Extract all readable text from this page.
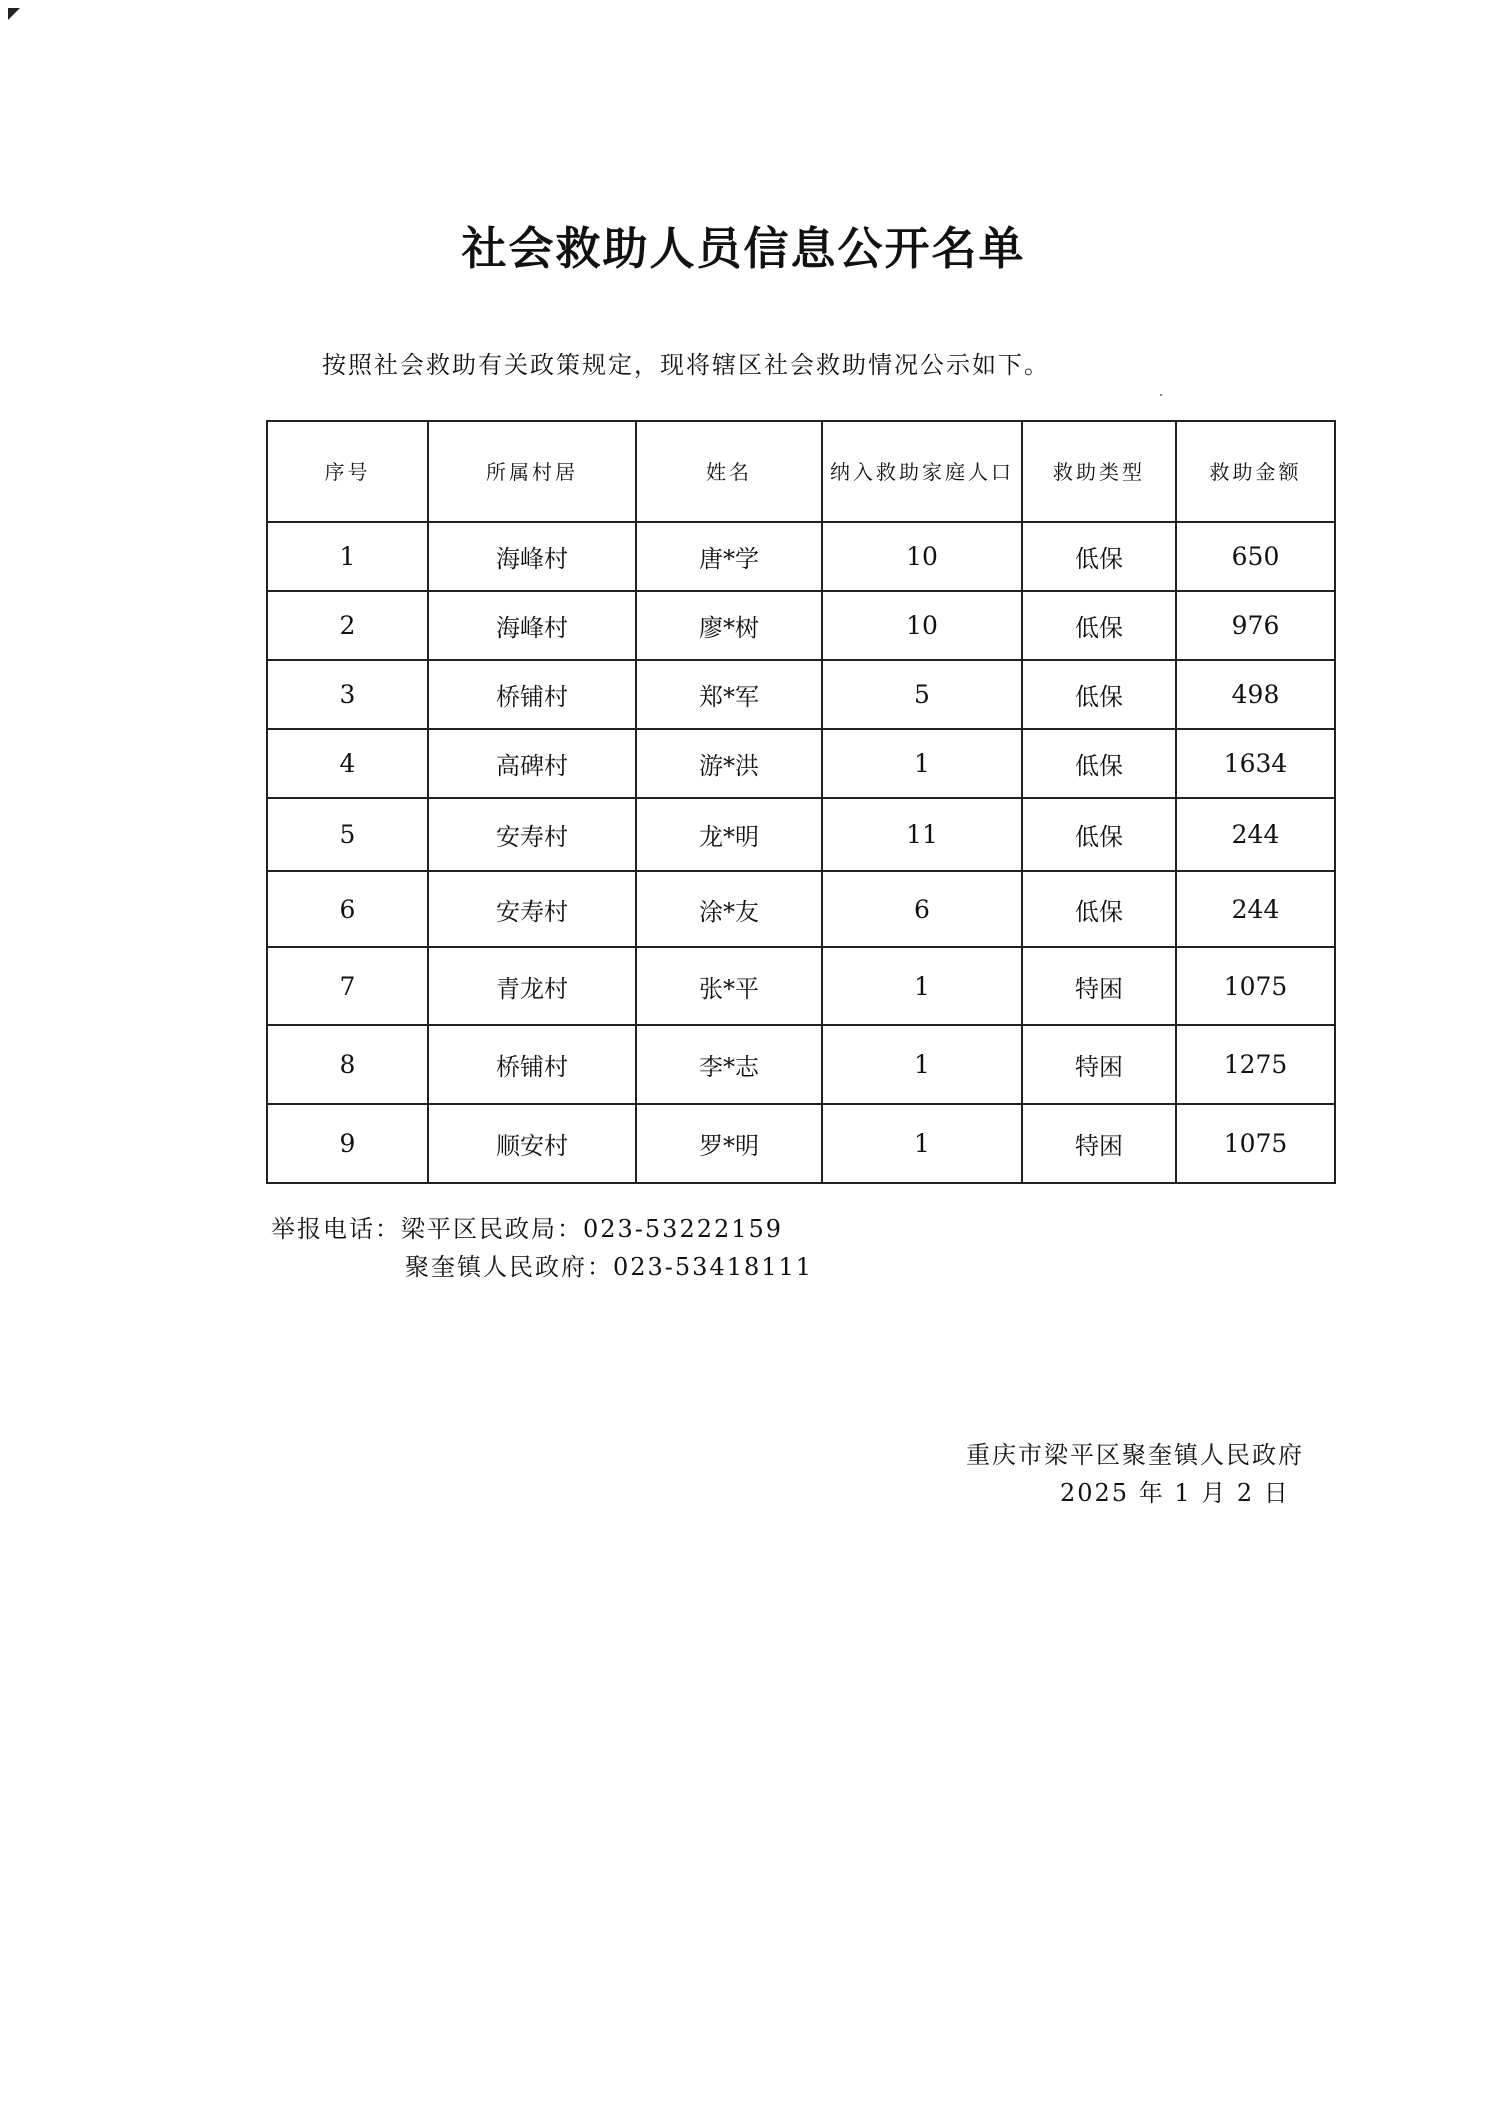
社会救助人员信息公开名单
按照社会救助有关政策规定，现将辖区社会救助情况公示如下。
序号	所属村居	姓名	纳入救助家庭人口	救助类型	救助金额
1	海峰村	唐*学	10	低保	650
2	海峰村	廖*树	10	低保	976
3	桥铺村	郑*军	5	低保	498
4	高碑村	游*洪	1	低保	1634
5	安寿村	龙*明	11	低保	244
6	安寿村	涂*友	6	低保	244
7	青龙村	张*平	1	特困	1075
8	桥铺村	李*志	1	特困	1275
9	顺安村	罗*明	1	特困	1075
举报电话：梁平区民政局：023-53222159
聚奎镇人民政府：023-53418111
重庆市梁平区聚奎镇人民政府
2025 年 1 月 2 日
